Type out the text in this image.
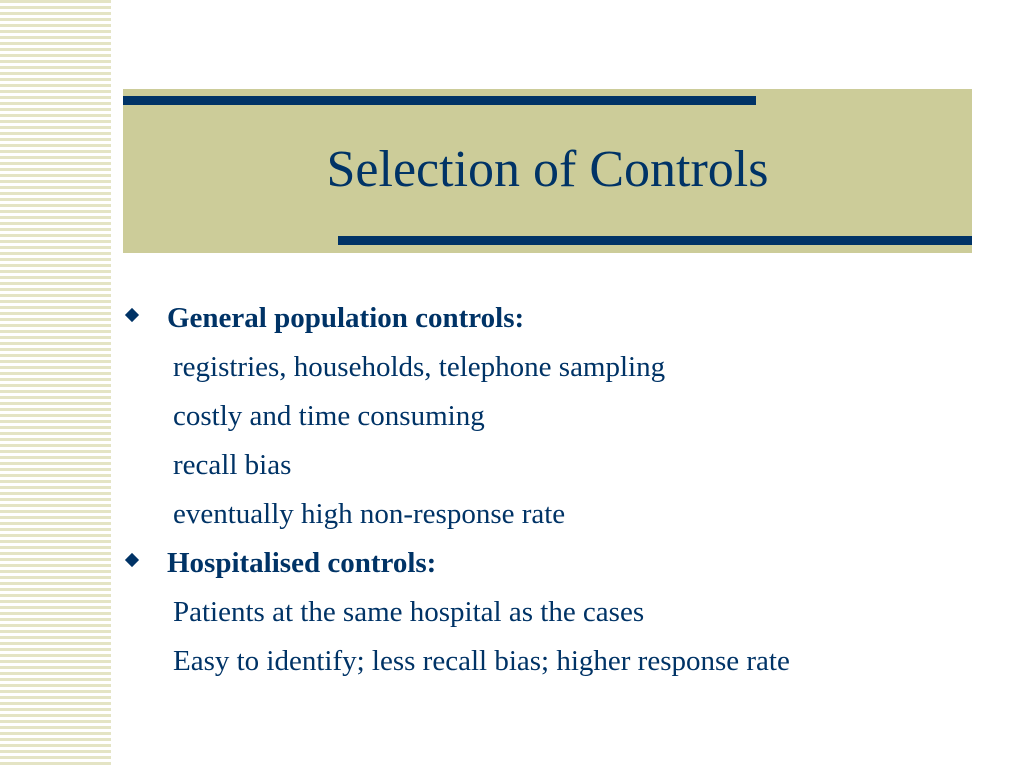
Selection of Controls
General population controls:
registries, households, telephone sampling
costly and time consuming
recall bias
eventually high non-response rate
Hospitalised controls:
Patients at the same hospital as the cases
Easy to identify; less recall bias; higher response rate
